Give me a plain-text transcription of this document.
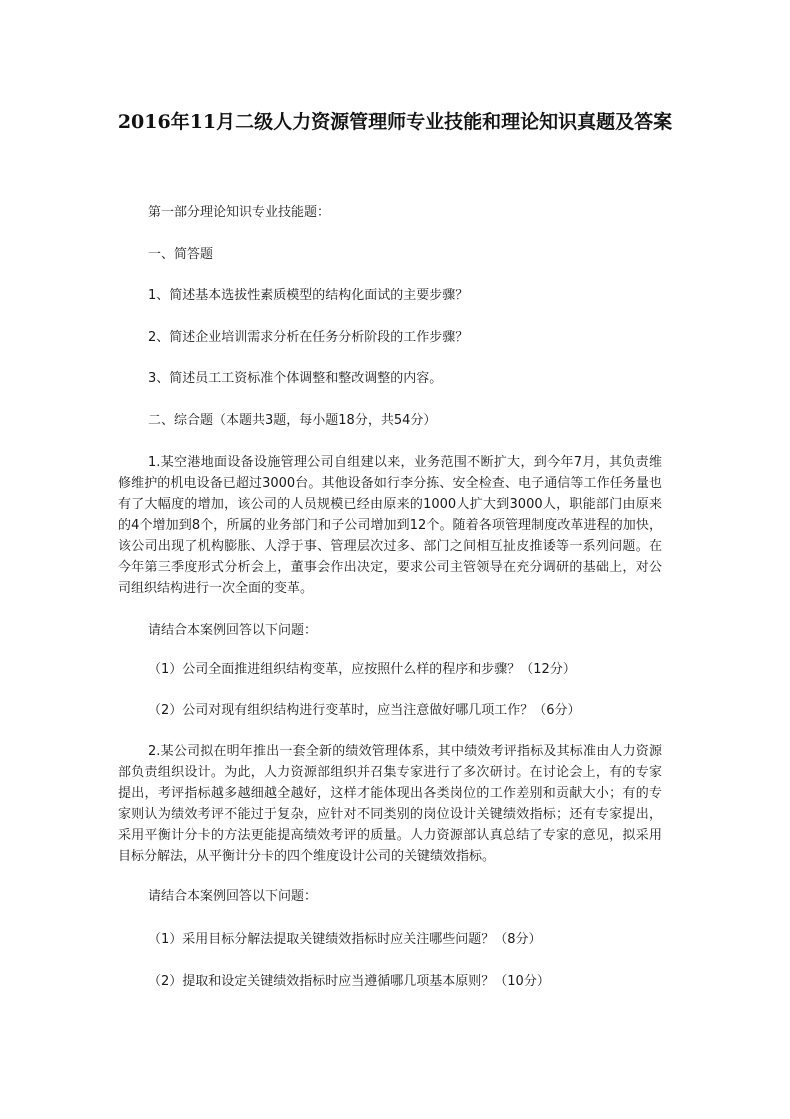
2016年11月二级人力资源管理师专业技能和理论知识真题及答案
第一部分理论知识专业技能题：
一、简答题
1、简述基本选拔性素质模型的结构化面试的主要步骤？
2、简述企业培训需求分析在任务分析阶段的工作步骤？
3、简述员工工资标准个体调整和整改调整的内容。
二、综合题（本题共3题，每小题18分，共54分）
1.某空港地面设备设施管理公司自组建以来，业务范围不断扩大，到今年7月，其负责维修维护的机电设备已超过3000台。其他设备如行李分拣、安全检查、电子通信等工作任务量也有了大幅度的增加，该公司的人员规模已经由原来的1000人扩大到3000人，职能部门由原来的4个增加到8个，所属的业务部门和子公司增加到12个。随着各项管理制度改革进程的加快，该公司出现了机构膨胀、人浮于事、管理层次过多、部门之间相互扯皮推诿等一系列问题。在今年第三季度形式分析会上，董事会作出决定，要求公司主管领导在充分调研的基础上，对公司组织结构进行一次全面的变革。
请结合本案例回答以下问题：
（1）公司全面推进组织结构变革，应按照什么样的程序和步骤？（12分）
（2）公司对现有组织结构进行变革时，应当注意做好哪几项工作？（6分）
2.某公司拟在明年推出一套全新的绩效管理体系，其中绩效考评指标及其标准由人力资源部负责组织设计。为此，人力资源部组织并召集专家进行了多次研讨。在讨论会上，有的专家提出，考评指标越多越细越全越好，这样才能体现出各类岗位的工作差别和贡献大小；有的专家则认为绩效考评不能过于复杂，应针对不同类别的岗位设计关键绩效指标；还有专家提出，采用平衡计分卡的方法更能提高绩效考评的质量。人力资源部认真总结了专家的意见，拟采用目标分解法，从平衡计分卡的四个维度设计公司的关键绩效指标。
请结合本案例回答以下问题：
（1）采用目标分解法提取关键绩效指标时应关注哪些问题？（8分）
（2）提取和设定关键绩效指标时应当遵循哪几项基本原则？（10分）
